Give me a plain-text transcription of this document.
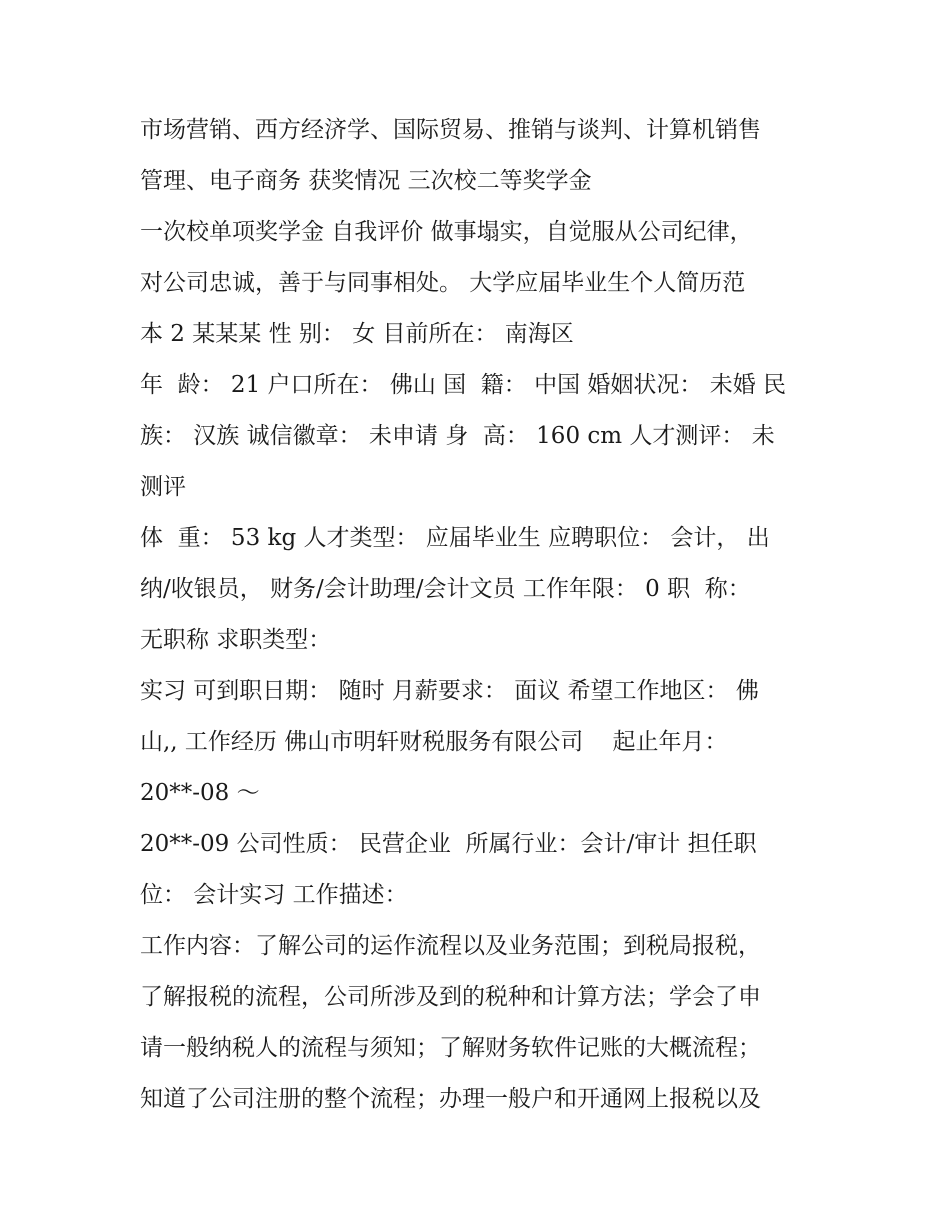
市场营销、西方经济学、国际贸易、推销与谈判、计算机销售
管理、电子商务 获奖情况 三次校二等奖学金
一次校单项奖学金 自我评价 做事塌实，自觉服从公司纪律，
对公司忠诚，善于与同事相处。 大学应届毕业生个人简历范
本 2 某某某 性 别： 女 目前所在： 南海区
年  龄： 21 户口所在： 佛山 国  籍： 中国 婚姻状况： 未婚 民
族： 汉族 诚信徽章： 未申请 身  高： 160 cm 人才测评： 未
测评
体  重： 53 kg 人才类型： 应届毕业生 应聘职位： 会计， 出
纳/收银员， 财务/会计助理/会计文员 工作年限： 0 职  称：
无职称 求职类型：
实习 可到职日期： 随时 月薪要求： 面议 希望工作地区： 佛
山,, 工作经历 佛山市明轩财税服务有限公司    起止年月：
20**-08 ～
20**-09 公司性质： 民营企业  所属行业：会计/审计 担任职
位： 会计实习 工作描述：
工作内容：了解公司的运作流程以及业务范围；到税局报税，
了解报税的流程，公司所涉及到的税种和计算方法；学会了申
请一般纳税人的流程与须知；了解财务软件记账的大概流程；
知道了公司注册的整个流程；办理一般户和开通网上报税以及
